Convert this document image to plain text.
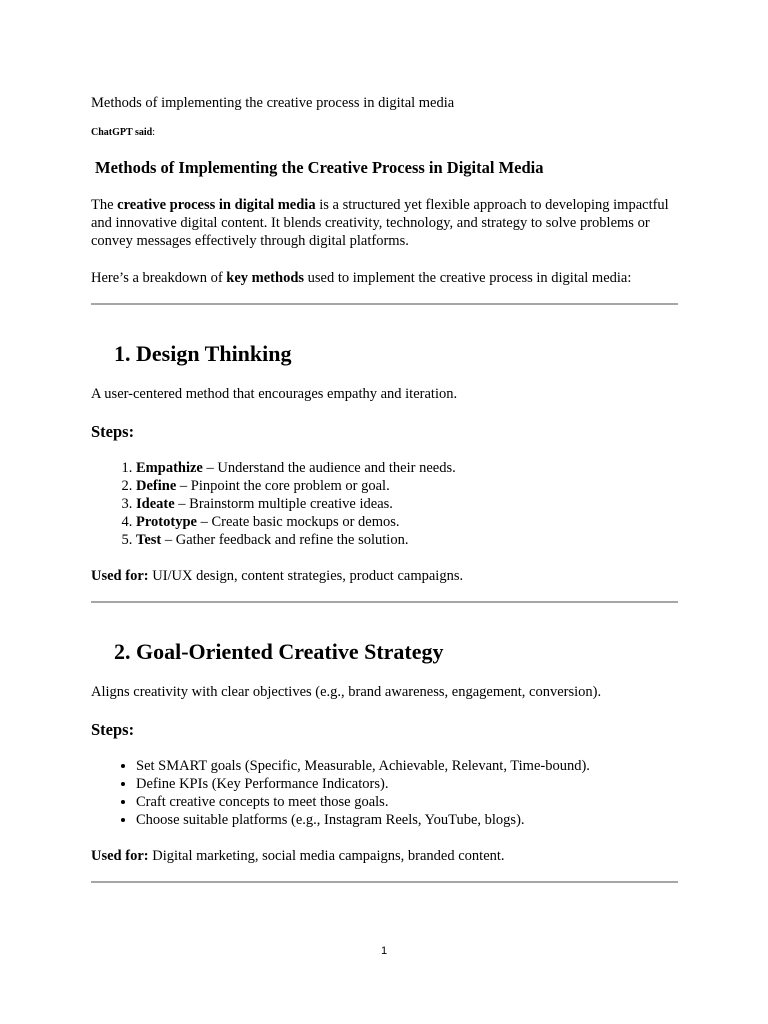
Methods of implementing the creative process in digital media
ChatGPT said:
Methods of Implementing the Creative Process in Digital Media
The creative process in digital media is a structured yet flexible approach to developing impactful and innovative digital content. It blends creativity, technology, and strategy to solve problems or convey messages effectively through digital platforms.
Here’s a breakdown of key methods used to implement the creative process in digital media:
1. Design Thinking
A user-centered method that encourages empathy and iteration.
Steps:
1. Empathize – Understand the audience and their needs.
2. Define – Pinpoint the core problem or goal.
3. Ideate – Brainstorm multiple creative ideas.
4. Prototype – Create basic mockups or demos.
5. Test – Gather feedback and refine the solution.
Used for: UI/UX design, content strategies, product campaigns.
2. Goal-Oriented Creative Strategy
Aligns creativity with clear objectives (e.g., brand awareness, engagement, conversion).
Steps:
• Set SMART goals (Specific, Measurable, Achievable, Relevant, Time-bound).
• Define KPIs (Key Performance Indicators).
• Craft creative concepts to meet those goals.
• Choose suitable platforms (e.g., Instagram Reels, YouTube, blogs).
Used for: Digital marketing, social media campaigns, branded content.
1
